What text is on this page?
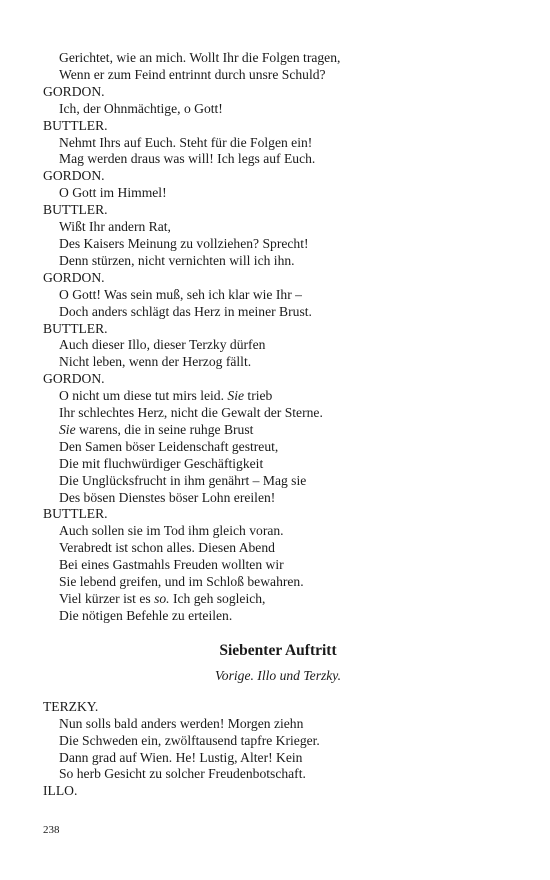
Gerichtet, wie an mich. Wollt Ihr die Folgen tragen,
Wenn er zum Feind entrinnt durch unsre Schuld?
GORDON.
Ich, der Ohnmächtige, o Gott!
BUTTLER.
Nehmt Ihrs auf Euch. Steht für die Folgen ein!
Mag werden draus was will! Ich legs auf Euch.
GORDON.
O Gott im Himmel!
BUTTLER.
Wißt Ihr andern Rat,
Des Kaisers Meinung zu vollziehen? Sprecht!
Denn stürzen, nicht vernichten will ich ihn.
GORDON.
O Gott! Was sein muß, seh ich klar wie Ihr –
Doch anders schlägt das Herz in meiner Brust.
BUTTLER.
Auch dieser Illo, dieser Terzky dürfen
Nicht leben, wenn der Herzog fällt.
GORDON.
O nicht um diese tut mirs leid. Sie trieb
Ihr schlechtes Herz, nicht die Gewalt der Sterne.
Sie warens, die in seine ruhge Brust
Den Samen böser Leidenschaft gestreut,
Die mit fluchwürdiger Geschäftigkeit
Die Unglücksfrucht in ihm genährt – Mag sie
Des bösen Dienstes böser Lohn ereilen!
BUTTLER.
Auch sollen sie im Tod ihm gleich voran.
Verabredt ist schon alles. Diesen Abend
Bei eines Gastmahls Freuden wollten wir
Sie lebend greifen, und im Schloß bewahren.
Viel kürzer ist es so. Ich geh sogleich,
Die nötigen Befehle zu erteilen.
Siebenter Auftritt
Vorige. Illo und Terzky.
TERZKY.
Nun solls bald anders werden! Morgen ziehn
Die Schweden ein, zwölftausend tapfre Krieger.
Dann grad auf Wien. He! Lustig, Alter! Kein
So herb Gesicht zu solcher Freudenbotschaft.
ILLO.
238
